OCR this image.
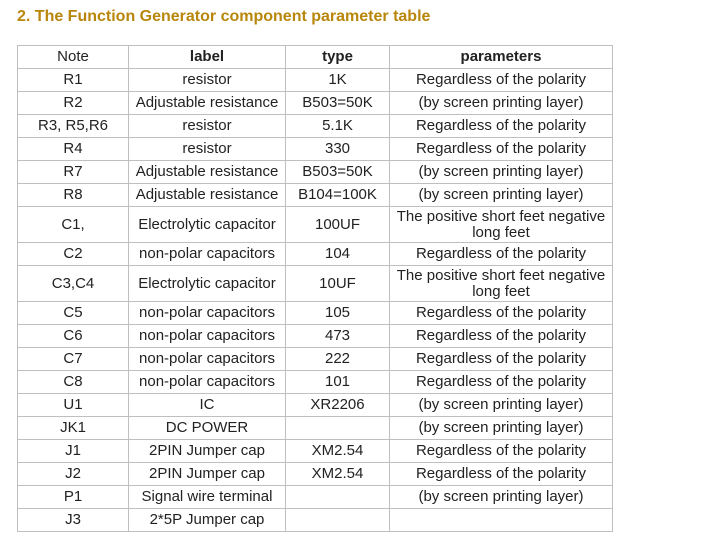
2. The Function Generator component parameter table
Note	label	type	parameters
R1	resistor	1K	Regardless of the polarity
R2	Adjustable resistance	B503=50K	(by screen printing layer)
R3, R5,R6	resistor	5.1K	Regardless of the polarity
R4	resistor	330	Regardless of the polarity
R7	Adjustable resistance	B503=50K	(by screen printing layer)
R8	Adjustable resistance	B104=100K	(by screen printing layer)
C1,	Electrolytic capacitor	100UF	The positive short feet negative long feet
C2	non-polar capacitors	104	Regardless of the polarity
C3,C4	Electrolytic capacitor	10UF	The positive short feet negative long feet
C5	non-polar capacitors	105	Regardless of the polarity
C6	non-polar capacitors	473	Regardless of the polarity
C7	non-polar capacitors	222	Regardless of the polarity
C8	non-polar capacitors	101	Regardless of the polarity
U1	IC	XR2206	(by screen printing layer)
JK1	DC POWER		(by screen printing layer)
J1	2PIN Jumper cap	XM2.54	Regardless of the polarity
J2	2PIN Jumper cap	XM2.54	Regardless of the polarity
P1	Signal wire terminal		(by screen printing layer)
J3	2*5P Jumper cap		
